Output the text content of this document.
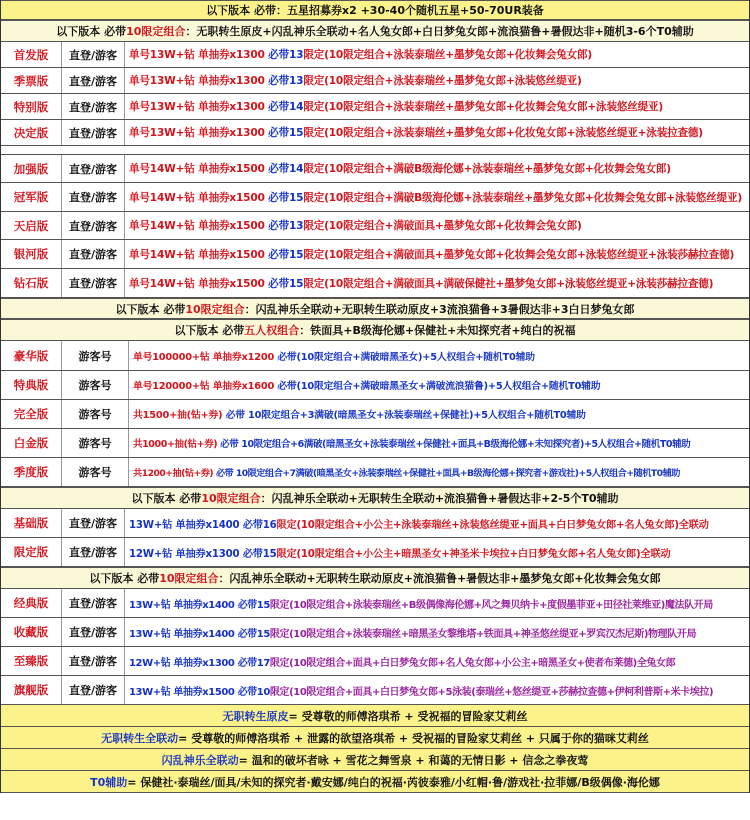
以下版本 必带：五星招募券x2 +30-40个随机五星+50-70UR装备
以下版本 必带 10限定组合 ：无职转生原皮+闪乱神乐全联动+名人兔女郎+白日梦兔女郎+流浪猫鲁+暑假达非+随机3-6个T0辅助
首发版	直登/游客	单号13W+钻 单抽券x1300 必带13限定(10限定组合+泳装泰瑞丝+墨梦兔女郎+化妆舞会兔女郎)
季票版	直登/游客	单号13W+钻 单抽券x1300 必带13限定(10限定组合+泳装泰瑞丝+墨梦兔女郎+泳装悠丝缇亚)
特别版	直登/游客	单号13W+钻 单抽券x1300 必带14限定(10限定组合+泳装泰瑞丝+墨梦兔女郎+化妆舞会兔女郎+泳装悠丝缇亚)
决定版	直登/游客	单号13W+钻 单抽券x1300 必带15限定(10限定组合+泳装泰瑞丝+墨梦兔女郎+化妆兔女郎+泳装悠丝缇亚+泳装拉查德)
加强版	直登/游客	单号14W+钻 单抽券x1500 必带14限定(10限定组合+满破B级海伦娜+泳装泰瑞丝+墨梦兔女郎+化妆舞会兔女郎)
冠军版	直登/游客	单号14W+钻 单抽券x1500 必带15限定(10限定组合+满破B级海伦娜+泳装泰瑞丝+墨梦兔女郎+化妆舞会兔女郎+泳装悠丝缇亚)
天启版	直登/游客	单号14W+钻 单抽券x1500 必带13限定(10限定组合+满破面具+墨梦兔女郎+化妆舞会兔女郎)
银河版	直登/游客	单号14W+钻 单抽券x1500 必带15限定(10限定组合+满破面具+墨梦兔女郎+化妆舞会兔女郎+泳装悠丝缇亚+泳装莎赫拉查德)
钻石版	直登/游客	单号14W+钻 单抽券x1500 必带15限定(10限定组合+满破面具+满破保健社+墨梦兔女郎+泳装悠丝缇亚+泳装莎赫拉查德)
以下版本 必带 10限定组合 ：闪乱神乐全联动+无职转生联动原皮+3流浪猫鲁+3暑假达非+3白日梦兔女郎
以下版本 必带 五人权组合 ：铁面具+B级海伦娜+保健社+未知探究者+纯白的祝福
豪华版	游客号	单号100000+钻 单抽券x1200 必带(10限定组合+满破暗黑圣女)+5人权组合+随机T0辅助
特典版	游客号	单号120000+钻 单抽券x1600 必带(10限定组合+满破暗黑圣女+满破流浪猫鲁)+5人权组合+随机T0辅助
完全版	游客号	共1500+抽(钻+券) 必带 10限定组合+3满破(暗黑圣女+泳装泰瑞丝+保健社)+5人权组合+随机T0辅助
白金版	游客号	共1000+抽(钻+券) 必带 10限定组合+6满破(暗黑圣女+泳装泰瑞丝+保健社+面具+B级海伦娜+未知探究者)+5人权组合+随机T0辅助
季度版	游客号	共1200+抽(钻+券) 必带 10限定组合+7满破(暗黑圣女+泳装泰瑞丝+保健社+面具+B级海伦娜+探究者+游戏社)+5人权组合+随机T0辅助
以下版本 必带 10限定组合 ：闪乱神乐全联动+无职转生全联动+流浪猫鲁+暑假达非+2-5个T0辅助
基础版	直登/游客	13W+钻 单抽券x1400 必带16限定(10限定组合+小公主+泳装泰瑞丝+泳装悠丝缇亚+面具+白日梦兔女郎+名人兔女郎)全联动
限定版	直登/游客	12W+钻 单抽券x1300 必带15限定(10限定组合+小公主+暗黑圣女+神圣米卡埃拉+白日梦兔女郎+名人兔女郎)全联动
以下版本 必带 10限定组合 ：闪乱神乐全联动+无职转生联动原皮+流浪猫鲁+暑假达非+墨梦兔女郎+化妆舞会兔女郎
经典版	直登/游客	13W+钻 单抽券x1400 必带15限定(10限定组合+泳装泰瑞丝+B级偶像海伦娜+风之舞贝纳卡+度假墨菲亚+田径社莱维亚)魔法队开局
收藏版	直登/游客	13W+钻 单抽券x1400 必带15限定(10限定组合+泳装泰瑞丝+暗黑圣女黎维塔+铁面具+神圣悠丝缇亚+罗宾汉杰尼斯)物理队开局
至臻版	直登/游客	12W+钻 单抽券x1300 必带17限定(10限定组合+面具+白日梦兔女郎+名人兔女郎+小公主+暗黑圣女+使者布莱德)全兔女郎
旗舰版	直登/游客	13W+钻 单抽券x1500 必带10限定(10限定组合+面具+白日梦兔女郎+5泳装(泰瑞丝+悠丝缇亚+莎赫拉查德+伊柯利普斯+米卡埃拉)
无职转生原皮 = 受尊敬的师傅洛琪希 + 受祝福的冒险家艾莉丝
无职转生全联动 = 受尊敬的师傅洛琪希 + 泄露的欲望洛琪希 + 受祝福的冒险家艾莉丝 + 只属于你的猫咪艾莉丝
闪乱神乐全联动 = 温和的破坏者咏 + 雪花之舞雪泉 + 和蔼的无情日影 + 信念之拳夜莺
T0辅助 = 保健社·泰瑞丝/面具/未知的探究者·戴安娜/纯白的祝福·芮彼泰雅/小红帽·鲁/游戏社·拉菲娜/B级偶像·海伦娜
